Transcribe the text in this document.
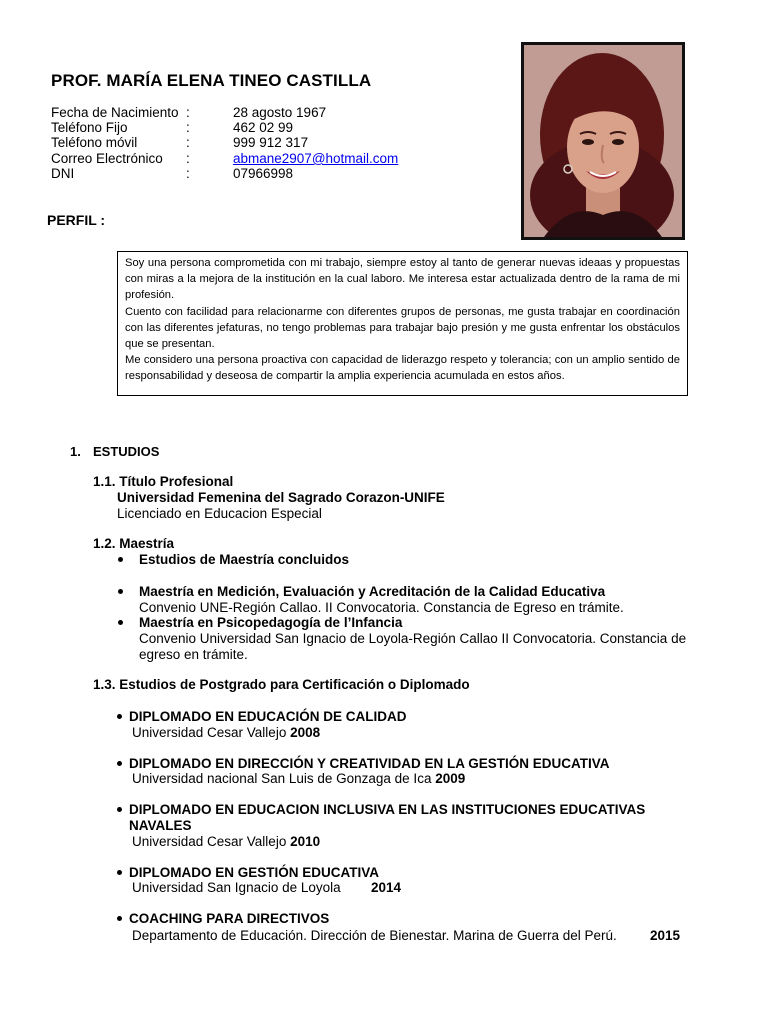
PROF. MARÍA ELENA TINEO CASTILLA
Fecha de Nacimiento :	28 agosto 1967
Teléfono Fijo	:	462 02 99
Teléfono móvil	:	999 912 317
Correo Electrónico :	abmane2907@hotmail.com
DNI	:	07966998
PERFIL :

Soy una persona comprometida con mi trabajo, siempre estoy al tanto de generar nuevas ideaas y propuestas con miras a la mejora de la institución en la cual laboro. Me interesa estar actualizada dentro de la rama de mi profesión.

Cuento con facilidad para relacionarme con diferentes grupos de personas, me gusta trabajar en coordinación con las diferentes jefaturas, no tengo problemas para trabajar bajo presión y me gusta enfrentar los obstáculos que se presentan.

Me considero una persona proactiva con capacidad de liderazgo respeto y tolerancia; con un amplio sentido de responsabilidad y deseosa de compartir la amplia experiencia acumulada en estos años.

1. ESTUDIOS
1.1. Título Profesional
Universidad Femenina del Sagrado Corazon-UNIFE
Licenciado en Educacion Especial
1.2. Maestría
Estudios de Maestría concluidos
Maestría en Medición, Evaluación y Acreditación de la Calidad Educativa
Convenio UNE-Región Callao. II Convocatoria. Constancia de Egreso en trámite.
Maestría en Psicopedagogía de l’Infancia
Convenio Universidad San Ignacio de Loyola-Región Callao II Convocatoria. Constancia de
egreso en trámite.
1.3. Estudios de Postgrado para Certificación o Diplomado
DIPLOMADO EN EDUCACIÓN DE CALIDAD
Universidad Cesar Vallejo 2008
DIPLOMADO EN DIRECCIÓN Y CREATIVIDAD EN LA GESTIÓN EDUCATIVA
Universidad nacional San Luis de Gonzaga de Ica 2009
DIPLOMADO EN EDUCACION INCLUSIVA EN LAS INSTITUCIONES EDUCATIVAS
NAVALES
Universidad Cesar Vallejo 2010
DIPLOMADO EN GESTIÓN EDUCATIVA
Universidad San Ignacio de Loyola 2014
COACHING PARA DIRECTIVOS
Departamento de Educación. Dirección de Bienestar. Marina de Guerra del Perú. 2015
